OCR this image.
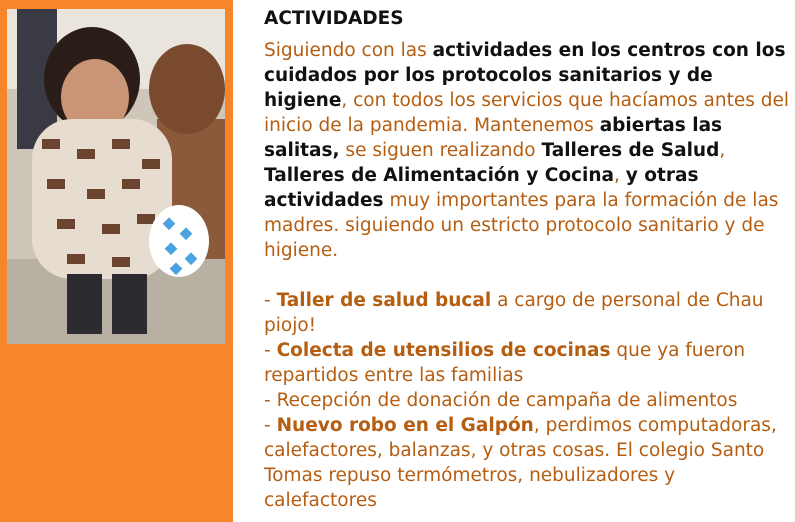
ACTIVIDADES

Siguiendo con las actividades en los centros con los cuidados por los protocolos sanitarios y de higiene, con todos los servicios que hacíamos antes del inicio de la pandemia. Mantenemos abiertas las salitas, se siguen realizando Talleres de Salud, Talleres de Alimentación y Cocina, y otras actividades muy importantes para la formación de las madres. siguiendo un estricto protocolo sanitario y de higiene.

- Taller de salud bucal a cargo de personal de Chau piojo!

- Colecta de utensilios de cocinas que ya fueron repartidos entre las familias

- Recepción de donación de campaña de alimentos

- Nuevo robo en el Galpón, perdimos computadoras, calefactores, balanzas, y otras cosas. El colegio Santo Tomas repuso termómetros, nebulizadores y calefactores
